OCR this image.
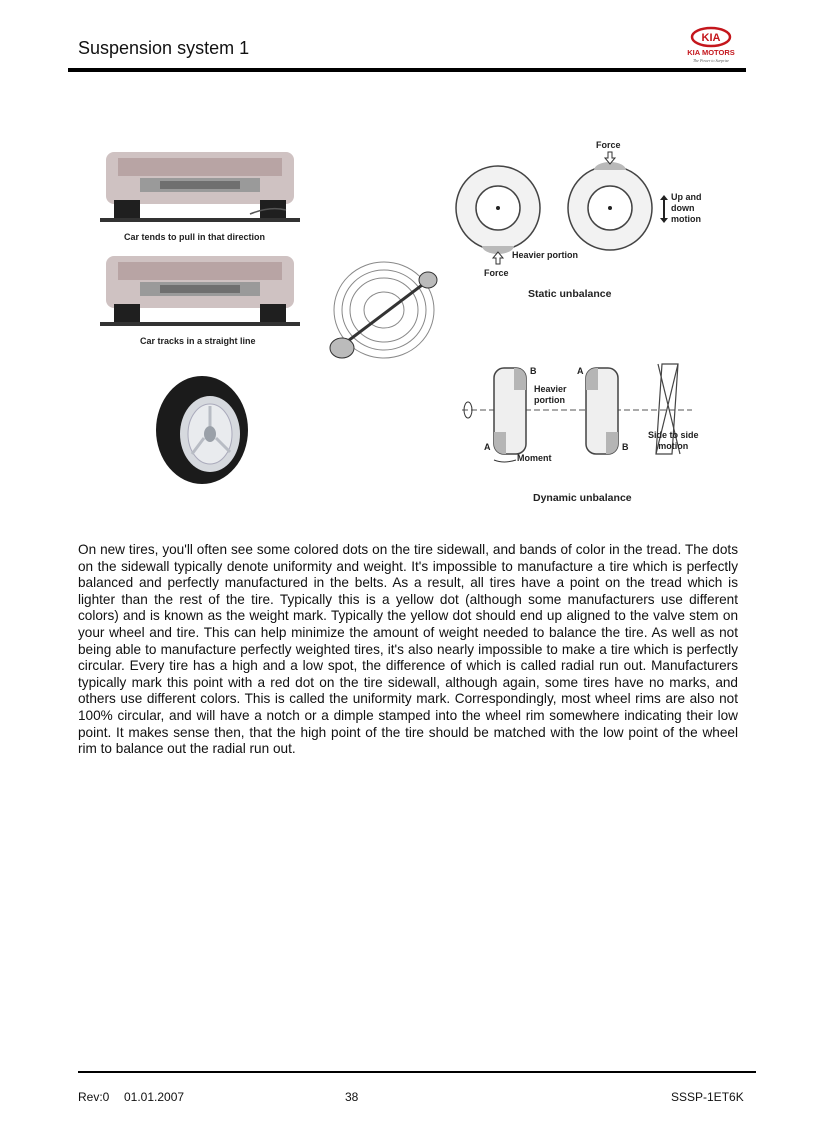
Suspension system 1	KIA
KIA MOTORS
The Power to Surprise
Car tends to pull in that direction
Car tracks in a straight line
Force
Up and
down
motion
Heavier portion
Force
Static unbalance
B	A
Heavier
portion
A	B
Moment
Side to side
motion
Dynamic unbalance
On new tires, you'll often see some colored dots on the tire sidewall, and bands of color in the tread. The dots on the sidewall typically denote uniformity and weight. It's impossible to manufacture a tire which is perfectly balanced and perfectly manufactured in the belts. As a result, all tires have a point on the tread which is lighter than the rest of the tire. Typically this is a yellow dot (although some manufacturers use different colors) and is known as the weight mark. Typically the yellow dot should end up aligned to the valve stem on your wheel and tire. This can help minimize the amount of weight needed to balance the tire. As well as not being able to manufacture perfectly weighted tires, it's also nearly impossible to make a tire which is perfectly circular. Every tire has a high and a low spot, the difference of which is called radial run out. Manufacturers typically mark this point with a red dot on the tire sidewall, although again, some tires have no marks, and others use different colors. This is called the uniformity mark. Correspondingly, most wheel rims are also not 100% circular, and will have a notch or a dimple stamped into the wheel rim somewhere indicating their low point. It makes sense then, that the high point of the tire should be matched with the low point of the wheel rim to balance out the radial run out.
Rev:0 01.01.2007	38	SSSP-1ET6K
